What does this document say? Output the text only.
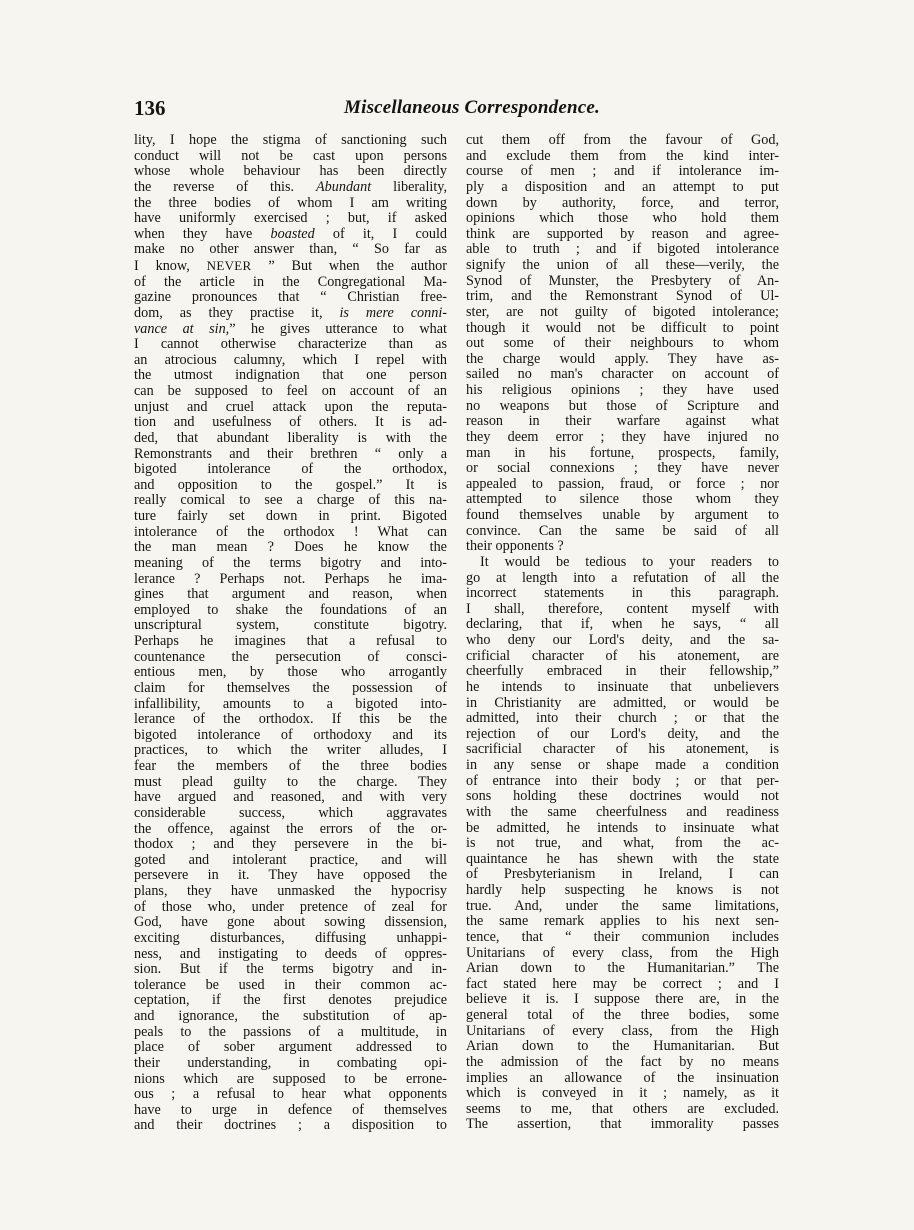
136	Miscellaneous Correspondence.

lity, I hope the stigma of sanctioning such
conduct will not be cast upon persons
whose whole behaviour has been directly
the reverse of this. Abundant liberality,
the three bodies of whom I am writing
have uniformly exercised ; but, if asked
when they have boasted of it, I could
make no other answer than, “ So far as
I know, NEVER ” But when the author
of the article in the Congregational Ma-
gazine pronounces that “ Christian free-
dom, as they practise it, is mere conni-
vance at sin,” he gives utterance to what
I cannot otherwise characterize than as
an atrocious calumny, which I repel with
the utmost indignation that one person
can be supposed to feel on account of an
unjust and cruel attack upon the reputa-
tion and usefulness of others. It is ad-
ded, that abundant liberality is with the
Remonstrants and their brethren “ only a
bigoted intolerance of the orthodox,
and opposition to the gospel.” It is
really comical to see a charge of this na-
ture fairly set down in print. Bigoted
intolerance of the orthodox ! What can
the man mean ? Does he know the
meaning of the terms bigotry and into-
lerance ? Perhaps not. Perhaps he ima-
gines that argument and reason, when
employed to shake the foundations of an
unscriptural system, constitute bigotry.
Perhaps he imagines that a refusal to
countenance the persecution of consci-
entious men, by those who arrogantly
claim for themselves the possession of
infallibility, amounts to a bigoted into-
lerance of the orthodox. If this be the
bigoted intolerance of orthodoxy and its
practices, to which the writer alludes, I
fear the members of the three bodies
must plead guilty to the charge. They
have argued and reasoned, and with very
considerable success, which aggravates
the offence, against the errors of the or-
thodox ; and they persevere in the bi-
goted and intolerant practice, and will
persevere in it. They have opposed the
plans, they have unmasked the hypocrisy
of those who, under pretence of zeal for
God, have gone about sowing dissension,
exciting disturbances, diffusing unhappi-
ness, and instigating to deeds of oppres-
sion. But if the terms bigotry and in-
tolerance be used in their common ac-
ceptation, if the first denotes prejudice
and ignorance, the substitution of ap-
peals to the passions of a multitude, in
place of sober argument addressed to
their understanding, in combating opi-
nions which are supposed to be errone-
ous ; a refusal to hear what opponents
have to urge in defence of themselves
and their doctrines ; a disposition to

cut them off from the favour of God,
and exclude them from the kind inter-
course of men ; and if intolerance im-
ply a disposition and an attempt to put
down by authority, force, and terror,
opinions which those who hold them
think are supported by reason and agree-
able to truth ; and if bigoted intolerance
signify the union of all these—verily, the
Synod of Munster, the Presbytery of An-
trim, and the Remonstrant Synod of Ul-
ster, are not guilty of bigoted intolerance;
though it would not be difficult to point
out some of their neighbours to whom
the charge would apply. They have as-
sailed no man's character on account of
his religious opinions ; they have used
no weapons but those of Scripture and
reason in their warfare against what
they deem error ; they have injured no
man in his fortune, prospects, family,
or social connexions ; they have never
appealed to passion, fraud, or force ; nor
attempted to silence those whom they
found themselves unable by argument to
convince. Can the same be said of all
their opponents ?

It would be tedious to your readers to
go at length into a refutation of all the
incorrect statements in this paragraph.
I shall, therefore, content myself with
declaring, that if, when he says, “ all
who deny our Lord's deity, and the sa-
crificial character of his atonement, are
cheerfully embraced in their fellowship,”
he intends to insinuate that unbelievers
in Christianity are admitted, or would be
admitted, into their church ; or that the
rejection of our Lord's deity, and the
sacrificial character of his atonement, is
in any sense or shape made a condition
of entrance into their body ; or that per-
sons holding these doctrines would not
with the same cheerfulness and readiness
be admitted, he intends to insinuate what
is not true, and what, from the ac-
quaintance he has shewn with the state
of Presbyterianism in Ireland, I can
hardly help suspecting he knows is not
true. And, under the same limitations,
the same remark applies to his next sen-
tence, that “ their communion includes
Unitarians of every class, from the High
Arian down to the Humanitarian.” The
fact stated here may be correct ; and I
believe it is. I suppose there are, in the
general total of the three bodies, some
Unitarians of every class, from the High
Arian down to the Humanitarian. But
the admission of the fact by no means
implies an allowance of the insinuation
which is conveyed in it ; namely, as it
seems to me, that others are excluded.
The assertion, that immorality passes
